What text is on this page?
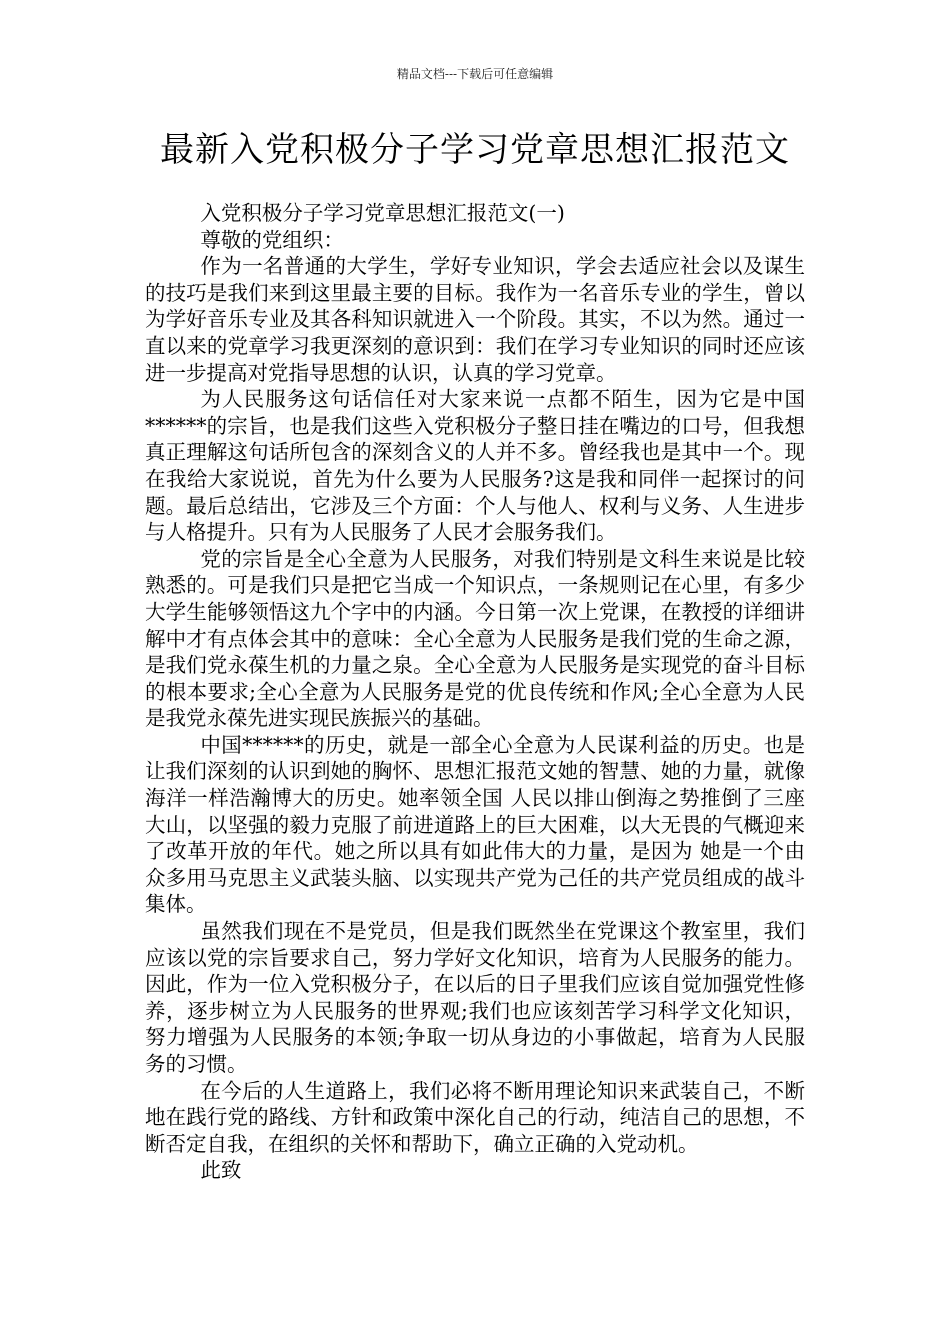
精品文档---下载后可任意编辑
最新入党积极分子学习党章思想汇报范文

入党积极分子学习党章思想汇报范文(一)

尊敬的党组织：

作为一名普通的大学生，学好专业知识，学会去适应社会以及谋生的技巧是我们来到这里最主要的目标。我作为一名音乐专业的学生，曾以为学好音乐专业及其各科知识就进入一个阶段。其实，不以为然。通过一直以来的党章学习我更深刻的意识到：我们在学习专业知识的同时还应该进一步提高对党指导思想的认识，认真的学习党章。

为人民服务这句话信任对大家来说一点都不陌生，因为它是中国******的宗旨，也是我们这些入党积极分子整日挂在嘴边的口号，但我想真正理解这句话所包含的深刻含义的人并不多。曾经我也是其中一个。现在我给大家说说，首先为什么要为人民服务?这是我和同伴一起探讨的问题。最后总结出，它涉及三个方面：个人与他人、权利与义务、人生进步与人格提升。只有为人民服务了人民才会服务我们。

党的宗旨是全心全意为人民服务，对我们特别是文科生来说是比较熟悉的。可是我们只是把它当成一个知识点，一条规则记在心里，有多少大学生能够领悟这九个字中的内涵。今日第一次上党课，在教授的详细讲解中才有点体会其中的意味：全心全意为人民服务是我们党的生命之源，是我们党永葆生机的力量之泉。全心全意为人民服务是实现党的奋斗目标的根本要求;全心全意为人民服务是党的优良传统和作风;全心全意为人民是我党永葆先进实现民族振兴的基础。

中国******的历史，就是一部全心全意为人民谋利益的历史。也是让我们深刻的认识到她的胸怀、思想汇报范文她的智慧、她的力量，就像海洋一样浩瀚博大的历史。她率领全国 人民以排山倒海之势推倒了三座大山，以坚强的毅力克服了前进道路上的巨大困难，以大无畏的气概迎来了改革开放的年代。她之所以具有如此伟大的力量，是因为 她是一个由众多用马克思主义武装头脑、以实现共产党为己任的共产党员组成的战斗集体。

虽然我们现在不是党员，但是我们既然坐在党课这个教室里，我们应该以党的宗旨要求自己，努力学好文化知识，培育为人民服务的能力。因此，作为一位入党积极分子，在以后的日子里我们应该自觉加强党性修养，逐步树立为人民服务的世界观;我们也应该刻苦学习科学文化知识，努力增强为人民服务的本领;争取一切从身边的小事做起，培育为人民服务的习惯。

在今后的人生道路上，我们必将不断用理论知识来武装自己，不断地在践行党的路线、方针和政策中深化自己的行动，纯洁自己的思想，不断否定自我，在组织的关怀和帮助下，确立正确的入党动机。

此致
